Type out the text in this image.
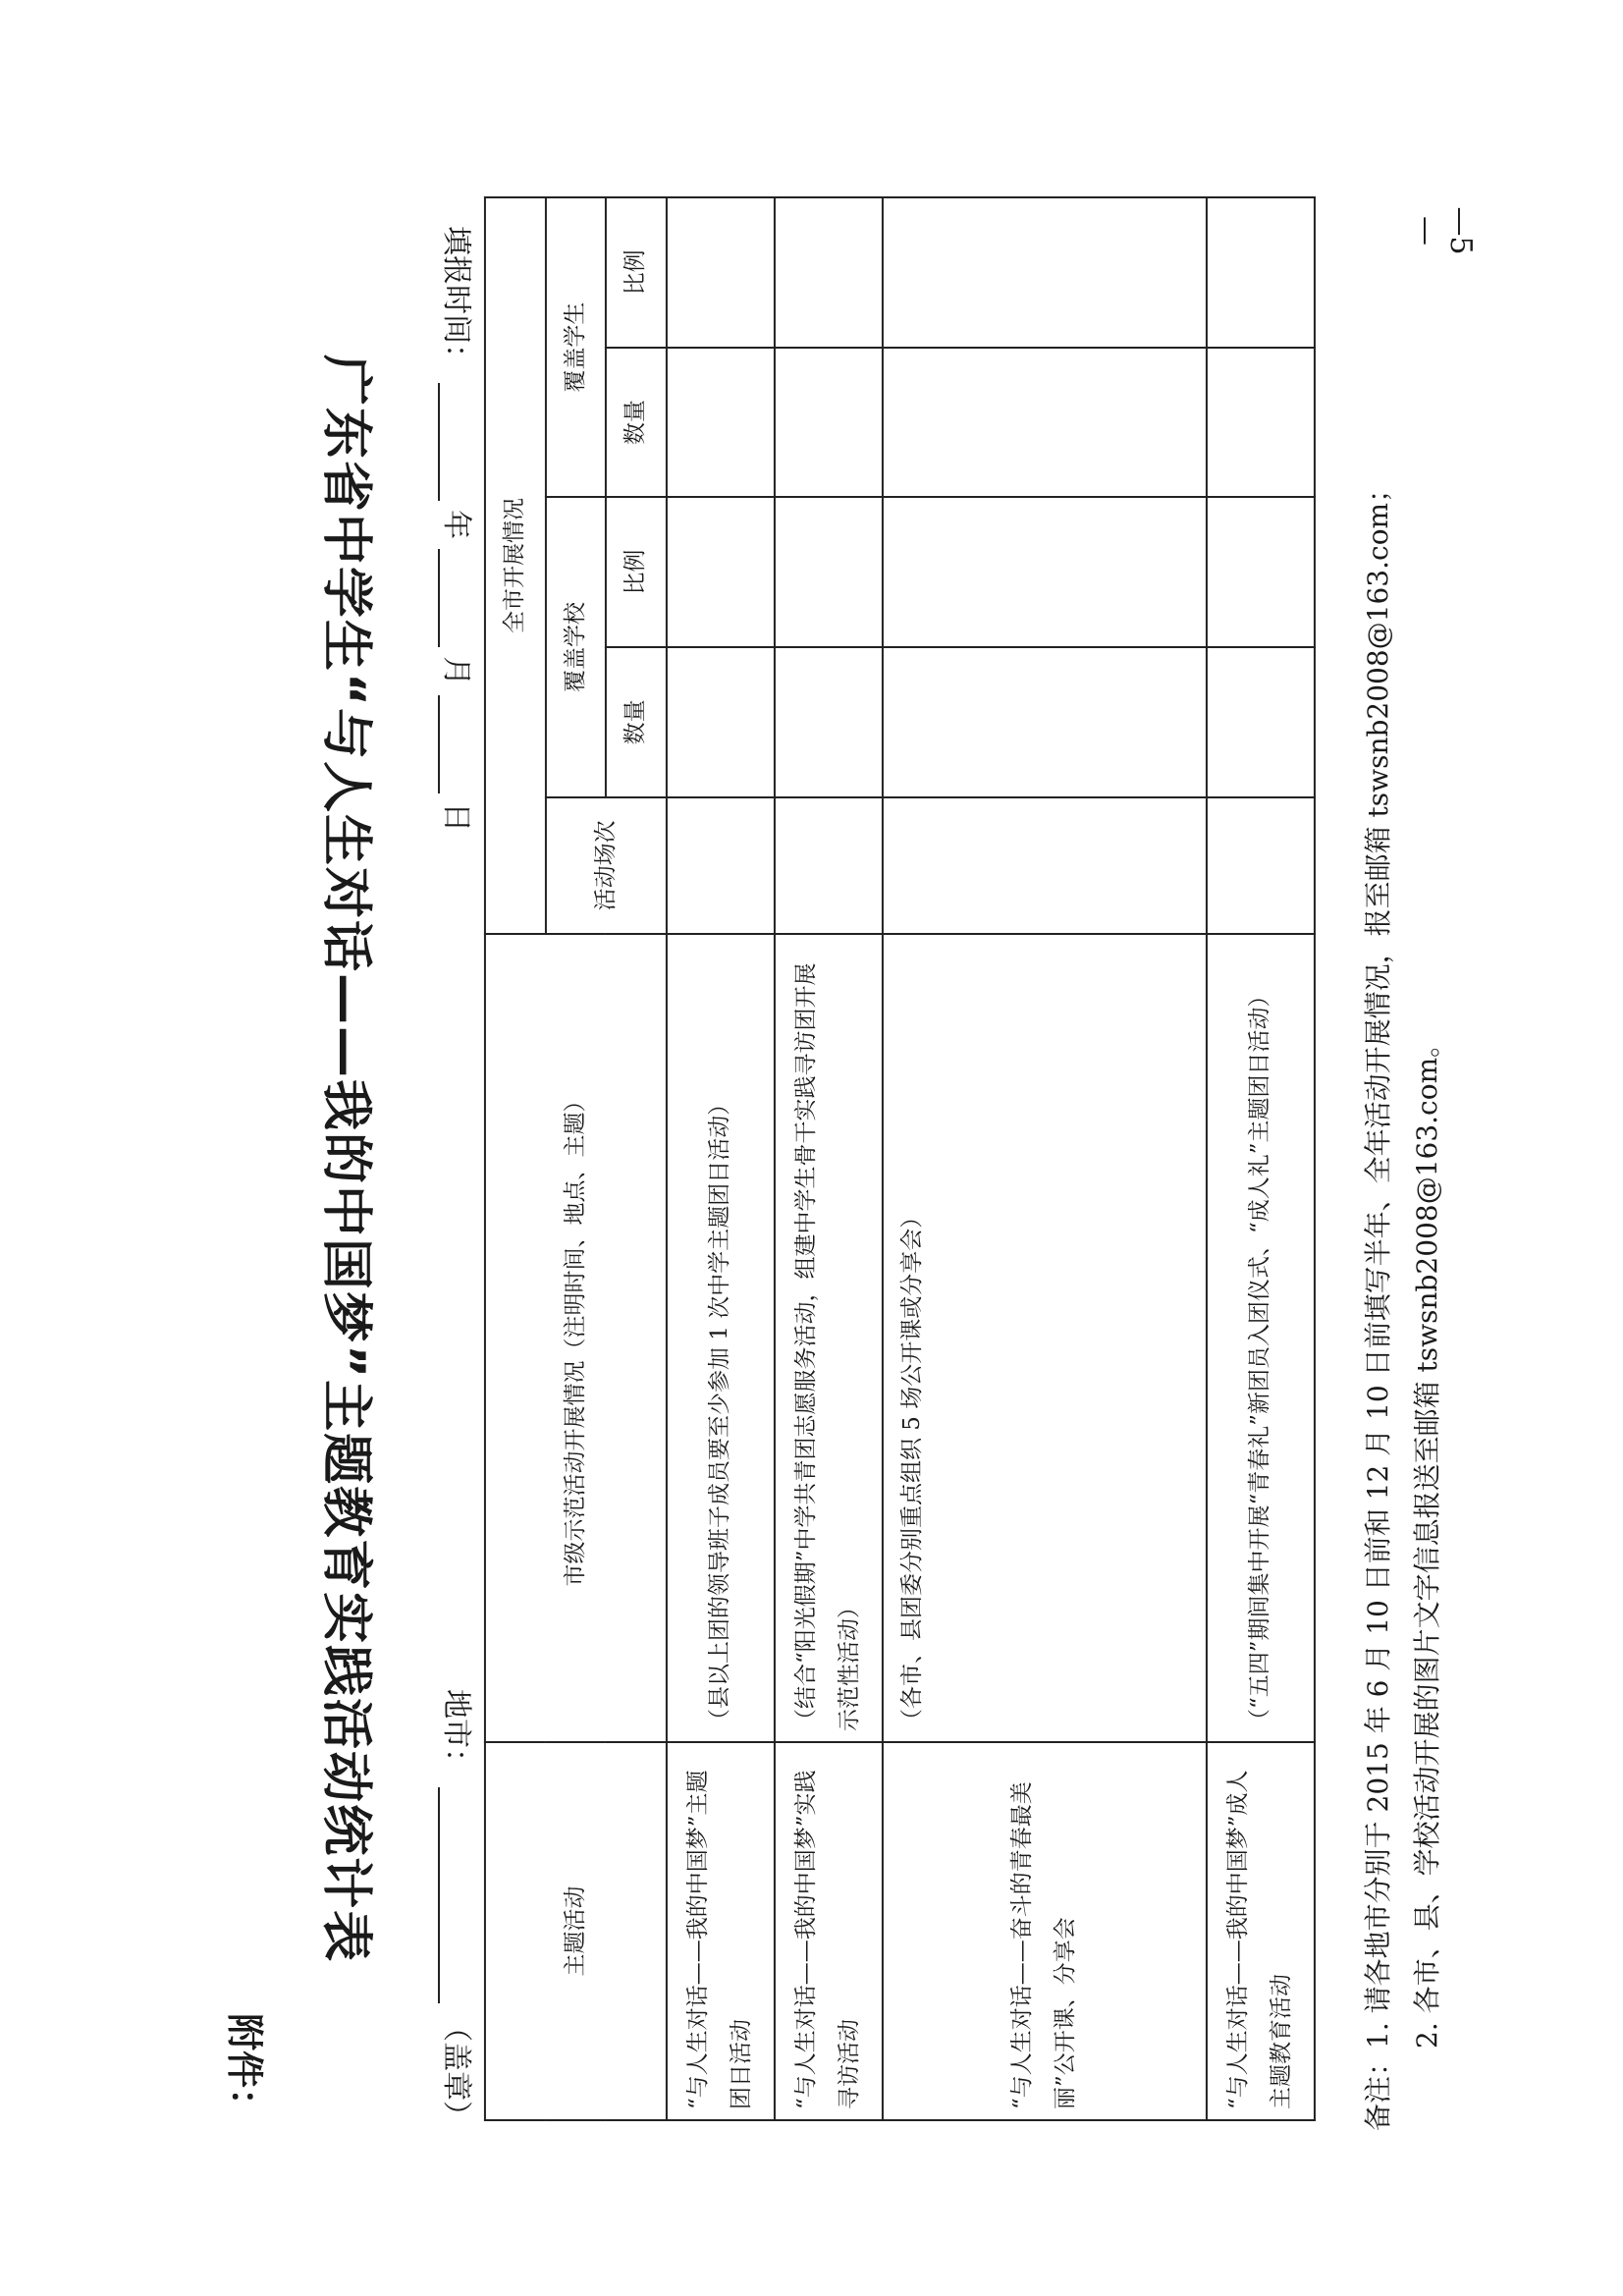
—5—
附件：
广东省中学生“与人生对话——我的中国梦”主题教育实践活动统计表	地市：  （盖章）
填报时间：  年  月  日

备注：1. 请各地市分别于 2015 年 6 月 10 日前和 12 月 10 日前填写半年、全年活动开展情况，报至邮箱 tswsnb2008@163.com； 2. 各市、县、学校活动开展的图片文字信息报送至邮箱 tswsnb2008@163.com。

主题活动	市级示范活动开展情况（注明时间、地点、主题）	全市开展情况				
		活动场次	覆盖学校		覆盖学生	
			数量	比例	数量	比例
“与人生对话——我的中国梦”主题团日活动	（县以上团的领导班子成员要至少参加 1 次中学主题团日活动）					
“与人生对话——我的中国梦”实践寻访活动	（结合“阳光假期”中学共青团志愿服务活动，组建中学生骨干实践寻访团开展示范性活动）					
“与人生对话——奋斗的青春最美丽”公开课、分享会	（各市、县团委分别重点组织 5 场公开课或分享会）					
“与人生对话——我的中国梦”成人主题教育活动	（“五四”期间集中开展“青春礼”新团员入团仪式、“成人礼”主题团日活动）					
